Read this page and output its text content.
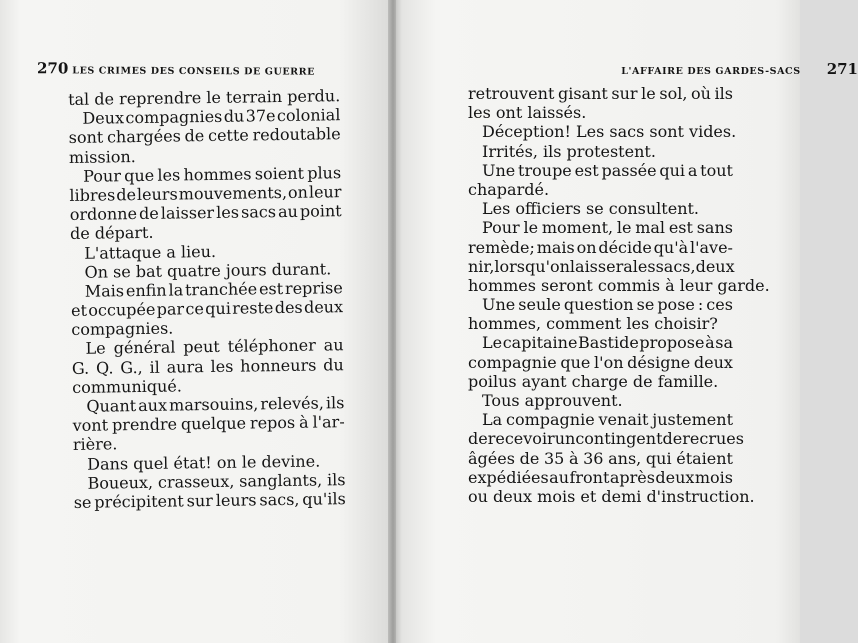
270 LES CRIMES DES CONSEILS DE GUERRE
tal de reprendre le terrain perdu.
Deux compagnies du 37e colonial
sont chargées de cette redoutable
mission.
Pour que les hommes soient plus
libres de leurs mouvements, on leur
ordonne de laisser les sacs au point
de départ.
L'attaque a lieu.
On se bat quatre jours durant.
Mais enfin la tranchée est reprise
et occupée par ce qui reste des deux
compagnies.
Le général peut téléphoner au
G. Q. G., il aura les honneurs du
communiqué.
Quant aux marsouins, relevés, ils
vont prendre quelque repos à l'ar-
rière.
Dans quel état! on le devine.
Boueux, crasseux, sanglants, ils
se précipitent sur leurs sacs, qu'ils
L'AFFAIRE DES GARDES-SACS 271
retrouvent gisant sur le sol, où ils
les ont laissés.
Déception! Les sacs sont vides.
Irrités, ils protestent.
Une troupe est passée qui a tout
chapardé.
Les officiers se consultent.
Pour le moment, le mal est sans
remède; mais on décide qu'à l'ave-
nir, lorsqu'on laissera les sacs, deux
hommes seront commis à leur garde.
Une seule question se pose : ces
hommes, comment les choisir?
Le capitaine Bastide propose à sa
compagnie que l'on désigne deux
poilus ayant charge de famille.
Tous approuvent.
La compagnie venait justement
de recevoir un contingent de recrues
âgées de 35 à 36 ans, qui étaient
expédiées au front après deux mois
ou deux mois et demi d'instruction.
